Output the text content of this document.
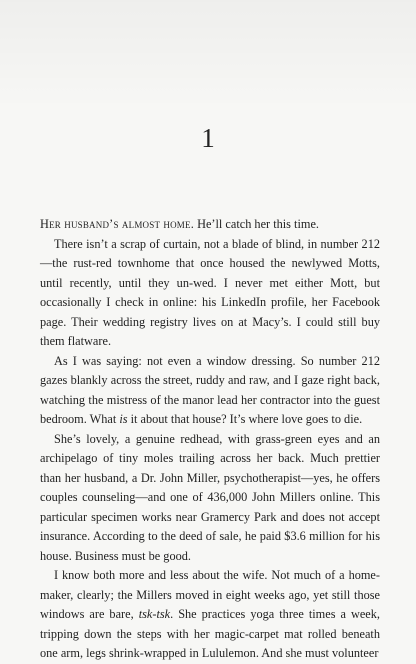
1

Her husband’s almost home. He’ll catch her this time.

There isn’t a scrap of curtain, not a blade of blind, in number 212—the rust-red townhome that once housed the newlywed Motts, until recently, until they un-wed. I never met either Mott, but occasionally I check in online: his LinkedIn profile, her Facebook page. Their wedding registry lives on at Macy’s. I could still buy them flatware.

As I was saying: not even a window dressing. So number 212 gazes blankly across the street, ruddy and raw, and I gaze right back, watching the mistress of the manor lead her contractor into the guest bedroom. What is it about that house? It’s where love goes to die.

She’s lovely, a genuine redhead, with grass-green eyes and an archipelago of tiny moles trailing across her back. Much prettier than her husband, a Dr. John Miller, psychotherapist—yes, he offers couples counseling—and one of 436,000 John Millers online. This particular specimen works near Gramercy Park and does not accept insurance. According to the deed of sale, he paid $3.6 million for his house. Business must be good.

I know both more and less about the wife. Not much of a home-maker, clearly; the Millers moved in eight weeks ago, yet still those windows are bare, tsk-tsk. She practices yoga three times a week, tripping down the steps with her magic-carpet mat rolled beneath one arm, legs shrink-wrapped in Lululemon. And she must volunteer
